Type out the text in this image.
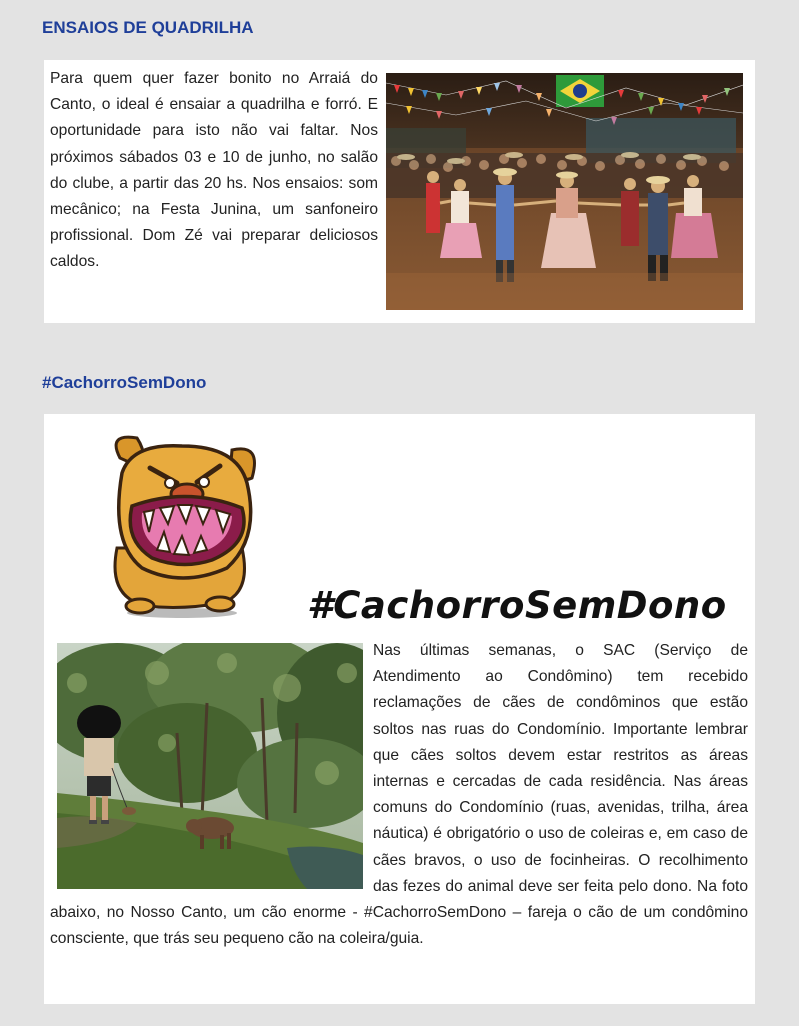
ENSAIOS DE QUADRILHA

Para quem quer fazer bonito no Arraiá do Canto, o ideal é ensaiar a quadrilha e forró. E oportunidade para isto não vai faltar. Nos próximos sábados 03 e 10 de junho, no salão do clube, a partir das 20 hs. Nos ensaios: som mecânico; na Festa Junina, um sanfoneiro profissional. Dom Zé vai preparar deliciosos caldos.

#CachorroSemDono
#CachorroSemDono
Nas últimas semanas, o SAC (Serviço de Atendimento ao Condômino) tem recebido reclamações de cães de condôminos que estão soltos nas ruas do Condomínio. Importante lembrar que cães soltos devem estar restritos as áreas internas e cercadas de cada residência. Nas áreas comuns do Condomínio (ruas, avenidas, trilha, área náutica) é obrigatório o uso de coleiras e, em caso de cães bravos, o uso de focinheiras. O recolhimento das fezes do animal deve ser feita pelo dono. Na foto abaixo, no Nosso Canto, um cão enorme - #CachorroSemDono – fareja o cão de um condômino consciente, que trás seu pequeno cão na coleira/guia.
